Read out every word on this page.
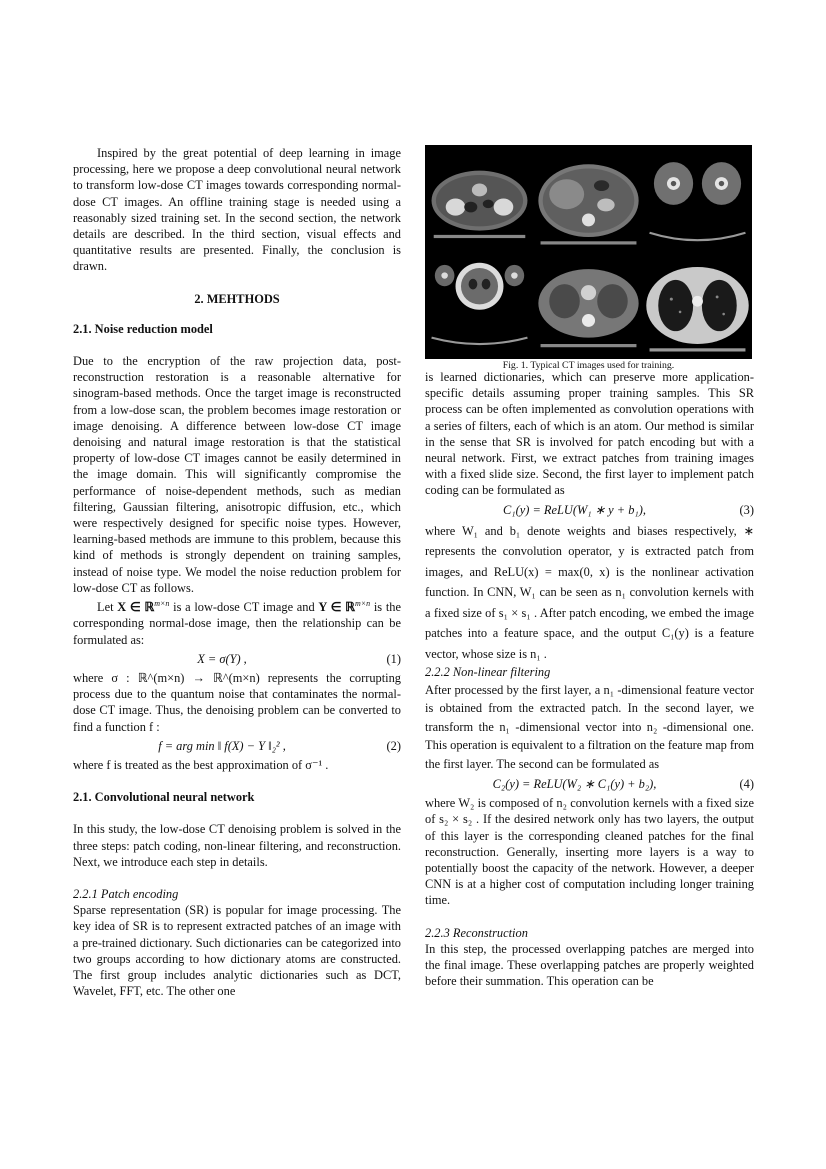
Inspired by the great potential of deep learning in image processing, here we propose a deep convolutional neural network to transform low-dose CT images towards corresponding normal-dose CT images. An offline training stage is needed using a reasonably sized training set. In the second section, the network details are described. In the third section, visual effects and quantitative results are presented. Finally, the conclusion is drawn.

2. MEHTHODS

2.1. Noise reduction model

Due to the encryption of the raw projection data, post-reconstruction restoration is a reasonable alternative for sinogram-based methods. Once the target image is reconstructed from a low-dose scan, the problem becomes image restoration or image denoising. A difference between low-dose CT image denoising and natural image restoration is that the statistical property of low-dose CT images cannot be easily determined in the image domain. This will significantly compromise the performance of noise-dependent methods, such as median filtering, Gaussian filtering, anisotropic diffusion, etc., which were respectively designed for specific noise types. However, learning-based methods are immune to this problem, because this kind of methods is strongly dependent on training samples, instead of noise type. We model the noise reduction problem for low-dose CT as follows.

Let X ∈ ℝ$^{m\times n}$ is a low-dose CT image and Y ∈ ℝ$^{m\times n}$ is the corresponding normal-dose image, then the relationship can be formulated as:

X = σ(Y) ,	(1)

where σ : ℝ^(m×n) → ℝ^(m×n) represents the corrupting process due to the quantum noise that contaminates the normal-dose CT image. Thus, the denoising problem can be converted to find a function f :

f = arg min ‖ f(X) − Y ‖₂² ,	(2)

where f is treated as the best approximation of σ⁻¹ .

2.1. Convolutional neural network

In this study, the low-dose CT denoising problem is solved in the three steps: patch coding, non-linear filtering, and reconstruction. Next, we introduce each step in details.

2.2.1 Patch encoding

Sparse representation (SR) is popular for image processing. The key idea of SR is to represent extracted patches of an image with a pre-trained dictionary. Such dictionaries can be categorized into two groups according to how dictionary atoms are constructed. The first group includes analytic dictionaries such as DCT, Wavelet, FFT, etc. The other one

Fig. 1. Typical CT images used for training.

is learned dictionaries, which can preserve more application-specific details assuming proper training samples. This SR process can be often implemented as convolution operations with a series of filters, each of which is an atom. Our method is similar in the sense that SR is involved for patch encoding but with a neural network. First, we extract patches from training images with a fixed slide size. Second, the first layer to implement patch coding can be formulated as

C₁(y) = ReLU(W₁ ∗ y + b₁),	(3)

where W₁ and b₁ denote weights and biases respectively, ∗ represents the convolution operator, y is extracted patch from images, and ReLU(x) = max(0, x) is the nonlinear activation function. In CNN, W₁ can be seen as n₁ convolution kernels with a fixed size of s₁ × s₁ . After patch encoding, we embed the image patches into a feature space, and the output C₁(y) is a feature vector, whose size is n₁ .

2.2.2 Non-linear filtering

After processed by the first layer, a n₁ -dimensional feature vector is obtained from the extracted patch. In the second layer, we transform the n₁ -dimensional vector into n₂ -dimensional one. This operation is equivalent to a filtration on the feature map from the first layer. The second can be formulated as

C₂(y) = ReLU(W₂ ∗ C₁(y) + b₂),	(4)

where W₂ is composed of n₂ convolution kernels with a fixed size of s₂ × s₂ . If the desired network only has two layers, the output of this layer is the corresponding cleaned patches for the final reconstruction. Generally, inserting more layers is a way to potentially boost the capacity of the network. However, a deeper CNN is at a higher cost of computation including longer training time.

2.2.3 Reconstruction

In this step, the processed overlapping patches are merged into the final image. These overlapping patches are properly weighted before their summation. This operation can be
